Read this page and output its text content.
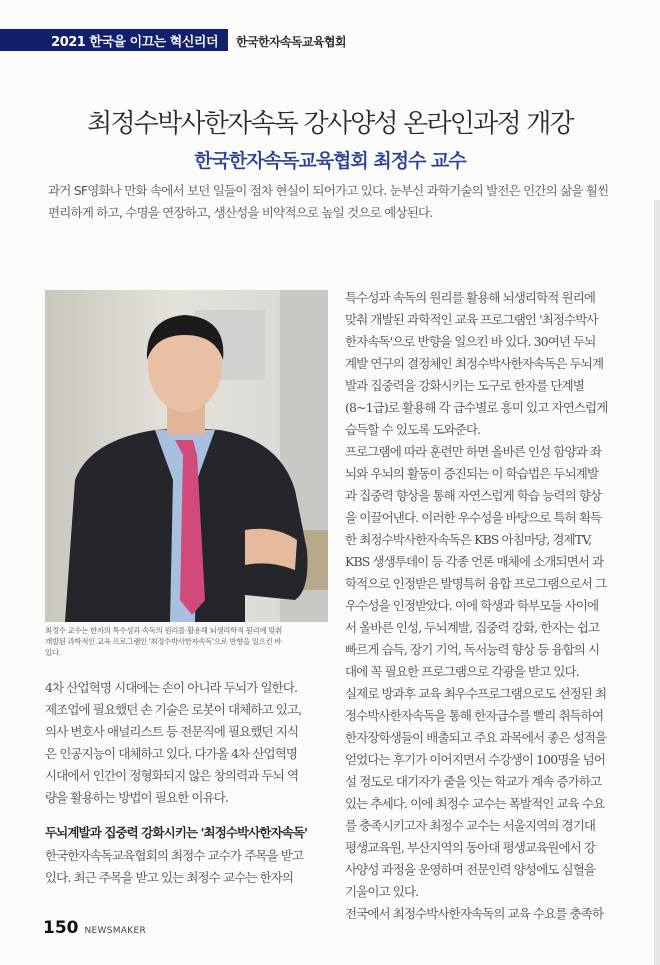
2021 한국을 이끄는 혁신리더 한국한자속독교육협회
최정수박사한자속독 강사양성 온라인과정 개강
한국한자속독교육협회 최정수 교수
과거 SF영화나 만화 속에서 보던 일들이 점차 현실이 되어가고 있다. 눈부신 과학기술의 발전은 인간의 삶을 훨씬
편리하게 하고, 수명을 연장하고, 생산성을 비약적으로 높일 것으로 예상된다.
최정수 교수는 한자의 특수성과 속독의 원리를 활용해 뇌생리학적 원리에 맞춰
개발된 과학적인 교육 프로그램인 '최정수박사한자속독'으로 반향을 일으킨 바
있다.
4차 산업혁명 시대에는 손이 아니라 두뇌가 일한다.
제조업에 필요했던 손 기술은 로봇이 대체하고 있고,
의사 변호사 애널리스트 등 전문직에 필요했던 지식
은 인공지능이 대체하고 있다. 다가올 4차 산업혁명
시대에서 인간이 정형화되지 않은 창의력과 두뇌 역
량을 활용하는 방법이 필요한 이유다.
두뇌계발과 집중력 강화시키는 '최정수박사한자속독'
한국한자속독교육협회의 최정수 교수가 주목을 받고
있다. 최근 주목을 받고 있는 최정수 교수는 한자의
특수성과 속독의 원리를 활용해 뇌생리학적 원리에
맞춰 개발된 과학적인 교육 프로그램인 '최정수박사
한자속독'으로 반향을 일으킨 바 있다. 30여년 두뇌
계발 연구의 결정체인 최정수박사한자속독은 두뇌계
발과 집중력을 강화시키는 도구로 한자를 단계별
(8~1급)로 활용해 각 급수별로 흥미 있고 자연스럽게
습득할 수 있도록 도와준다.
프로그램에 따라 훈련만 하면 올바른 인성 함양과 좌
뇌와 우뇌의 활동이 증진되는 이 학습법은 두뇌계발
과 집중력 향상을 통해 자연스럽게 학습 능력의 향상
을 이끌어낸다. 이러한 우수성을 바탕으로 특허 획득
한 최정수박사한자속독은 KBS 아침마당, 경제TV,
KBS 생생투데이 등 각종 언론 매체에 소개되면서 과
학적으로 인정받은 발명특허 융합 프로그램으로서 그
우수성을 인정받았다. 이에 학생과 학부모들 사이에
서 올바른 인성, 두뇌계발, 집중력 강화, 한자는 쉽고
빠르게 습득, 장기 기억, 독서능력 향상 등 융합의 시
대에 꼭 필요한 프로그램으로 각광을 받고 있다.
실제로 방과후 교육 최우수프로그램으로도 선정된 최
정수박사한자속독을 통해 한자급수를 빨리 취득하여
한자장학생들이 배출되고 주요 과목에서 좋은 성적을
얻었다는 후기가 이어지면서 수강생이 100명을 넘어
설 정도로 대기자가 줄을 잇는 학교가 계속 증가하고
있는 추세다. 이에 최정수 교수는 폭발적인 교육 수요
를 충족시키고자 최정수 교수는 서울지역의 경기대
평생교육원, 부산지역의 동아대 평생교육원에서 강
사양성 과정을 운영하며 전문인력 양성에도 심혈을
기울이고 있다.
전국에서 최정수박사한자속독의 교육 수요를 충족하
150 NEWSMAKER
